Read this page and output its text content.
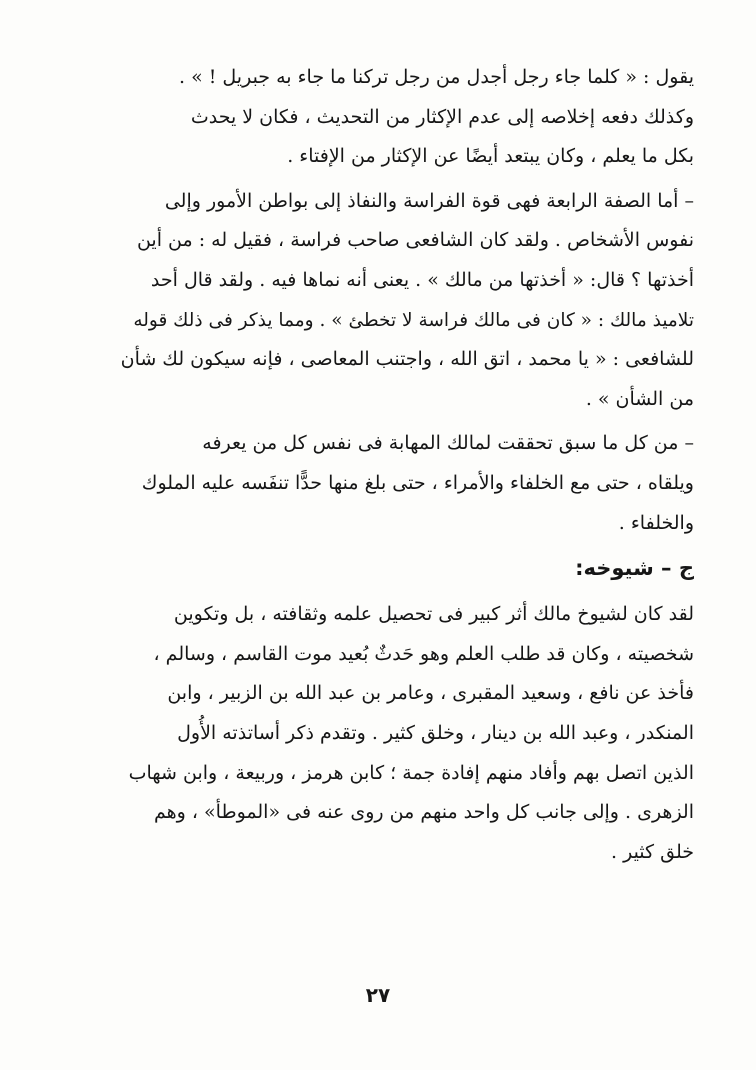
يقول : « كلما جاء رجل أجدل من رجل تركنا ما جاء به جبريل ! » .
وكذلك دفعه إخلاصه إلى عدم الإكثار من التحديث ، فكان لا يحدث
بكل ما يعلم ، وكان يبتعد أيضًا عن الإكثار من الإفتاء .
– أما الصفة الرابعة فهى قوة الفراسة والنفاذ إلى بواطن الأمور وإلى
نفوس الأشخاص . ولقد كان الشافعى صاحب فراسة ، فقيل له : من أين
أخذتها ؟ قال: « أخذتها من مالك » . يعنى أنه نماها فيه . ولقد قال أحد
تلاميذ مالك : « كان فى مالك فراسة لا تخطئ » . ومما يذكر فى ذلك قوله
للشافعى : « يا محمد ، اتق الله ، واجتنب المعاصى ، فإنه سيكون لك شأن
من الشأن » .
– من كل ما سبق تحققت لمالك المهابة فى نفس كل من يعرفه
ويلقاه ، حتى مع الخلفاء والأمراء ، حتى بلغ منها حدًّا تنفَسه عليه الملوك
والخلفاء .
ج – شيوخه:
لقد كان لشيوخ مالك أثر كبير فى تحصيل علمه وثقافته ، بل وتكوين
شخصيته ، وكان قد طلب العلم وهو حَدثٌ بُعيد موت القاسم ، وسالم ،
فأخذ عن نافع ، وسعيد المقبرى ، وعامر بن عبد الله بن الزبير ، وابن
المنكدر ، وعبد الله بن دينار ، وخلق كثير . وتقدم ذكر أساتذته الأُول
الذين اتصل بهم وأفاد منهم إفادة جمة ؛ كابن هرمز ، وربيعة ، وابن شهاب
الزهرى . وإلى جانب كل واحد منهم من روى عنه فى «الموطأ» ، وهم
خلق كثير .
٢٧
